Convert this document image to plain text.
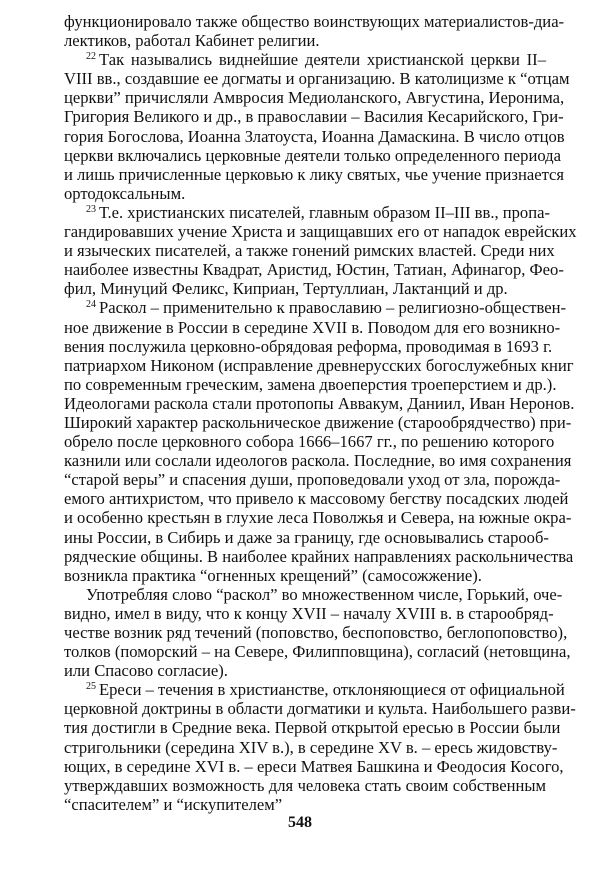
функционировало также общество воинствующих материалистов-диа-
лектиков, работал Кабинет религии.
$^{22}$ Так назывались виднейшие деятели христианской церкви II–
VIII вв., создавшие ее догматы и организацию. В католицизме к “отцам
церкви” причисляли Амвросия Медиоланского, Августина, Иеронима,
Григория Великого и др., в православии – Василия Кесарийского, Гри-
гория Богослова, Иоанна Златоуста, Иоанна Дамаскина. В число отцов
церкви включались церковные деятели только определенного периода
и лишь причисленные церковью к лику святых, чье учение признается
ортодоксальным.
$^{23}$ Т.е. христианских писателей, главным образом II–III вв., пропа-
гандировавших учение Христа и защищавших его от нападок еврейских
и языческих писателей, а также гонений римских властей. Среди них
наиболее известны Квадрат, Аристид, Юстин, Татиан, Афинагор, Фео-
фил, Минуций Феликс, Киприан, Тертуллиан, Лактанций и др.
$^{24}$ Раскол – применительно к православию – религиозно-обществен-
ное движение в России в середине XVII в. Поводом для его возникно-
вения послужила церковно-обрядовая реформа, проводимая в 1693 г.
патриархом Никоном (исправление древнерусских богослужебных книг
по современным греческим, замена двоеперстия троеперстием и др.).
Идеологами раскола стали протопопы Аввакум, Даниил, Иван Неронов.
Широкий характер раскольническое движение (старообрядчество) при-
обрело после церковного собора 1666–1667 гг., по решению которого
казнили или сослали идеологов раскола. Последние, во имя сохранения
“старой веры” и спасения души, проповедовали уход от зла, порожда-
емого антихристом, что привело к массовому бегству посадских людей
и особенно крестьян в глухие леса Поволжья и Севера, на южные окра-
ины России, в Сибирь и даже за границу, где основывались старооб-
рядческие общины. В наиболее крайних направлениях раскольничества
возникла практика “огненных крещений” (самосожжение).
Употребляя слово “раскол” во множественном числе, Горький, оче-
видно, имел в виду, что к концу XVII – началу XVIII в. в старообряд-
честве возник ряд течений (поповство, беспоповство, беглопоповство),
толков (поморский – на Севере, Филипповщина), согласий (нетовщина,
или Спасово согласие).
$^{25}$ Ереси – течения в христианстве, отклоняющиеся от официальной
церковной доктрины в области догматики и культа. Наибольшего разви-
тия достигли в Средние века. Первой открытой ересью в России были
стригольники (середина XIV в.), в середине XV в. – ересь жидовству-
ющих, в середине XVI в. – ереси Матвея Башкина и Феодосия Косого,
утверждавших возможность для человека стать своим собственным
“спасителем” и “искупителем”
548
